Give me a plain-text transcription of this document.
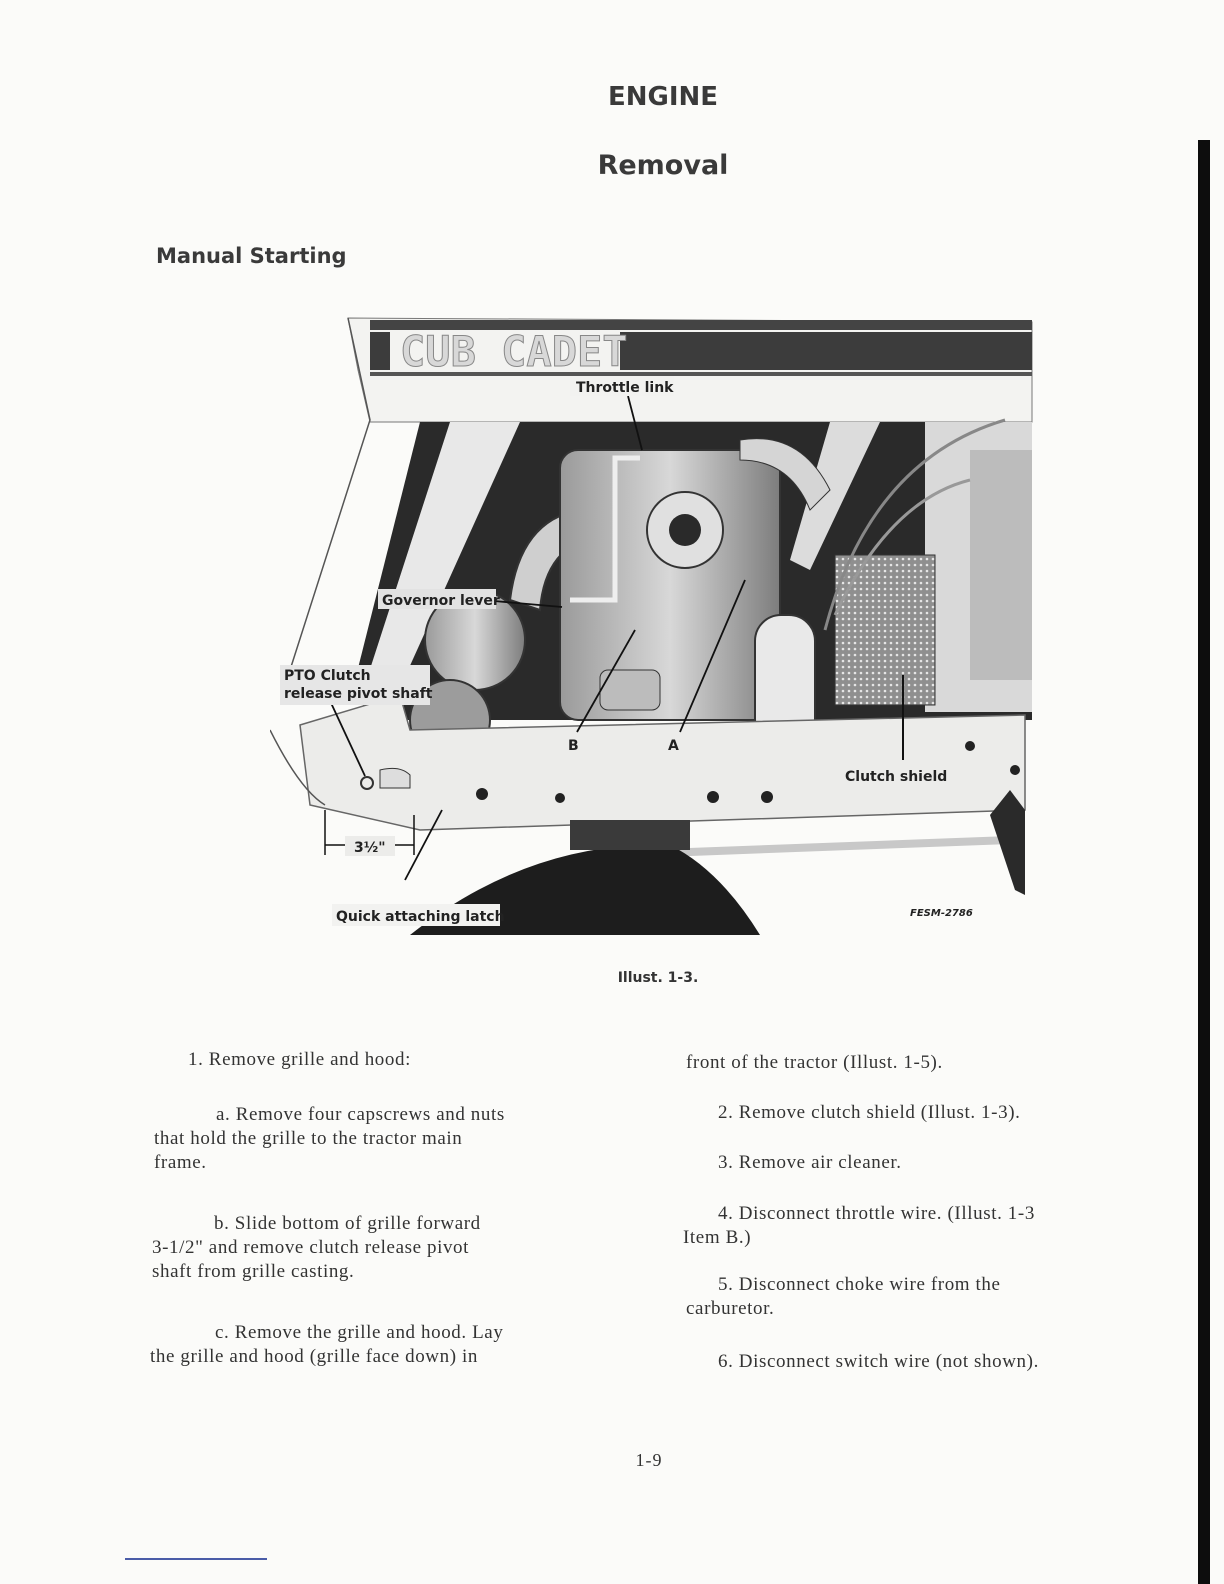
ENGINE
Removal
Manual Starting
CUB CADET
Throttle link
Governor lever
PTO Clutch
release pivot shaft
B	A
Clutch shield
3½"
Quick attaching latch	FESM-2786
Illust. 1-3.
1. Remove grille and hood:
a. Remove four capscrews and nuts
that hold the grille to the tractor main
frame.
b. Slide bottom of grille forward
3-1/2" and remove clutch release pivot
shaft from grille casting.
c. Remove the grille and hood. Lay
the grille and hood (grille face down) in
front of the tractor (Illust. 1-5).
2. Remove clutch shield (Illust. 1-3).
3. Remove air cleaner.
4. Disconnect throttle wire. (Illust. 1-3
Item B.)
5. Disconnect choke wire from the
carburetor.
6. Disconnect switch wire (not shown).
1-9
